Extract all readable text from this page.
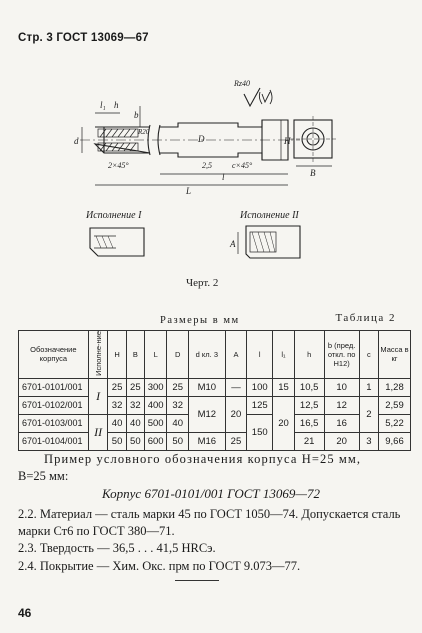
Стр. 3 ГОСТ 13069—67
Rz40
l₁ h
b
d	D
R20
2×45°	2,5	c×45°
L
l
H
B
Исполнение I
A
Исполнение II
Черт. 2
Размеры в мм	Таблица 2
Обозначение корпуса	Исполне-ние	H	B	L	D	d кл. 3	A	l	l₁	h	b (пред. откл. по H12)	c	Масса в кг
6701-0101/001	I	25	25	300	25	М10	—	100	15	10,5	10	1	1,28
6701-0102/001		32	32	400	32	М12	20	125	20	12,5	12	2	2,59
6701-0103/001	II	40	40	500	40			150		16,5	16		5,22
6701-0104/001		50	50	600	50	М16	25			21	20	3	9,66
Пример условного обозначения корпуса H=25 мм,
B=25 мм:
Корпус 6701-0101/001 ГОСТ 13069—72
2.2. Материал — сталь марки 45 по ГОСТ 1050—74. Допускается сталь марки Ст6 по ГОСТ 380—71.
2.3. Твердость — 36,5 . . . 41,5 HRCэ.
2.4. Покрытие — Хим. Окс. прм по ГОСТ 9.073—77.
46
